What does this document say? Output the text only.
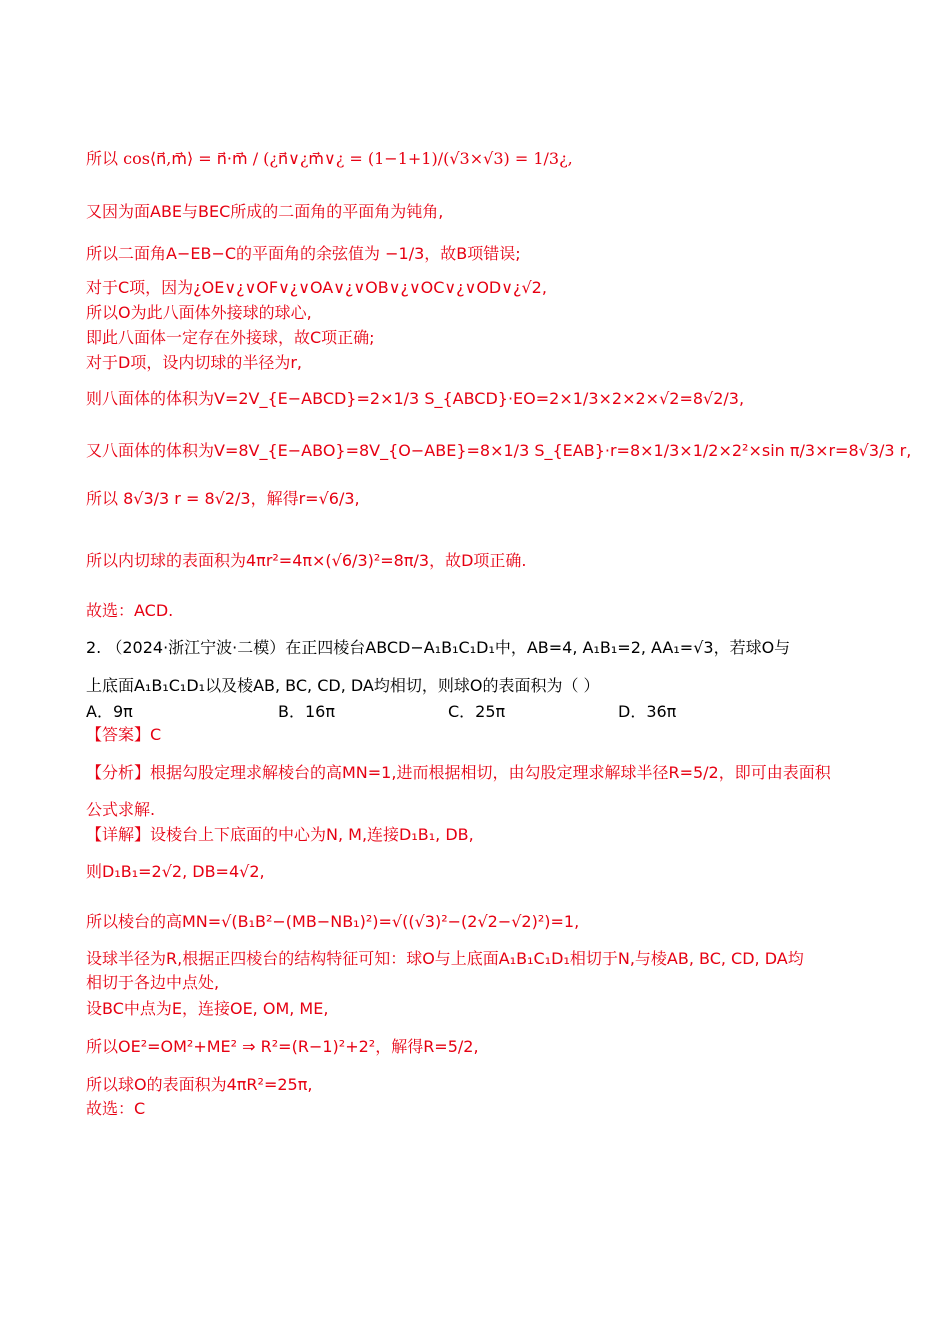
所以 cos⟨n⃗,m⃗⟩ = n⃗·m⃗ / (¿n⃗∨¿m⃗∨¿ = (1−1+1)/(√3×√3) = 1/3¿,
又因为面ABE与BEC所成的二面角的平面角为钝角,
所以二面角A−EB−C的平面角的余弦值为 −1/3，故B项错误;
对于C项，因为¿OE∨¿∨OF∨¿∨OA∨¿∨OB∨¿∨OC∨¿∨OD∨¿√2,
所以O为此八面体外接球的球心,
即此八面体一定存在外接球，故C项正确;
对于D项，设内切球的半径为r,
则八面体的体积为V=2V_{E−ABCD}=2×1/3 S_{ABCD}·EO=2×1/3×2×2×√2=8√2/3,
又八面体的体积为V=8V_{E−ABO}=8V_{O−ABE}=8×1/3 S_{EAB}·r=8×1/3×1/2×2²×sin π/3×r=8√3/3 r,
所以 8√3/3 r = 8√2/3，解得r=√6/3,
所以内切球的表面积为4πr²=4π×(√6/3)²=8π/3，故D项正确.
故选：ACD.
2. （2024·浙江宁波·二模）在正四棱台ABCD−A₁B₁C₁D₁中，AB=4, A₁B₁=2, AA₁=√3，若球O与
上底面A₁B₁C₁D₁以及棱AB, BC, CD, DA均相切，则球O的表面积为（ ）
A．9π	B．16π	C．25π	D．36π
【答案】C
【分析】根据勾股定理求解棱台的高MN=1,进而根据相切，由勾股定理求解球半径R=5/2，即可由表面积
公式求解.
【详解】设棱台上下底面的中心为N, M,连接D₁B₁, DB,
则D₁B₁=2√2, DB=4√2,
所以棱台的高MN=√(B₁B²−(MB−NB₁)²)=√((√3)²−(2√2−√2)²)=1,
设球半径为R,根据正四棱台的结构特征可知：球O与上底面A₁B₁C₁D₁相切于N,与棱AB, BC, CD, DA均
相切于各边中点处,
设BC中点为E，连接OE, OM, ME,
所以OE²=OM²+ME² ⇒ R²=(R−1)²+2²，解得R=5/2,
所以球O的表面积为4πR²=25π,
故选：C
